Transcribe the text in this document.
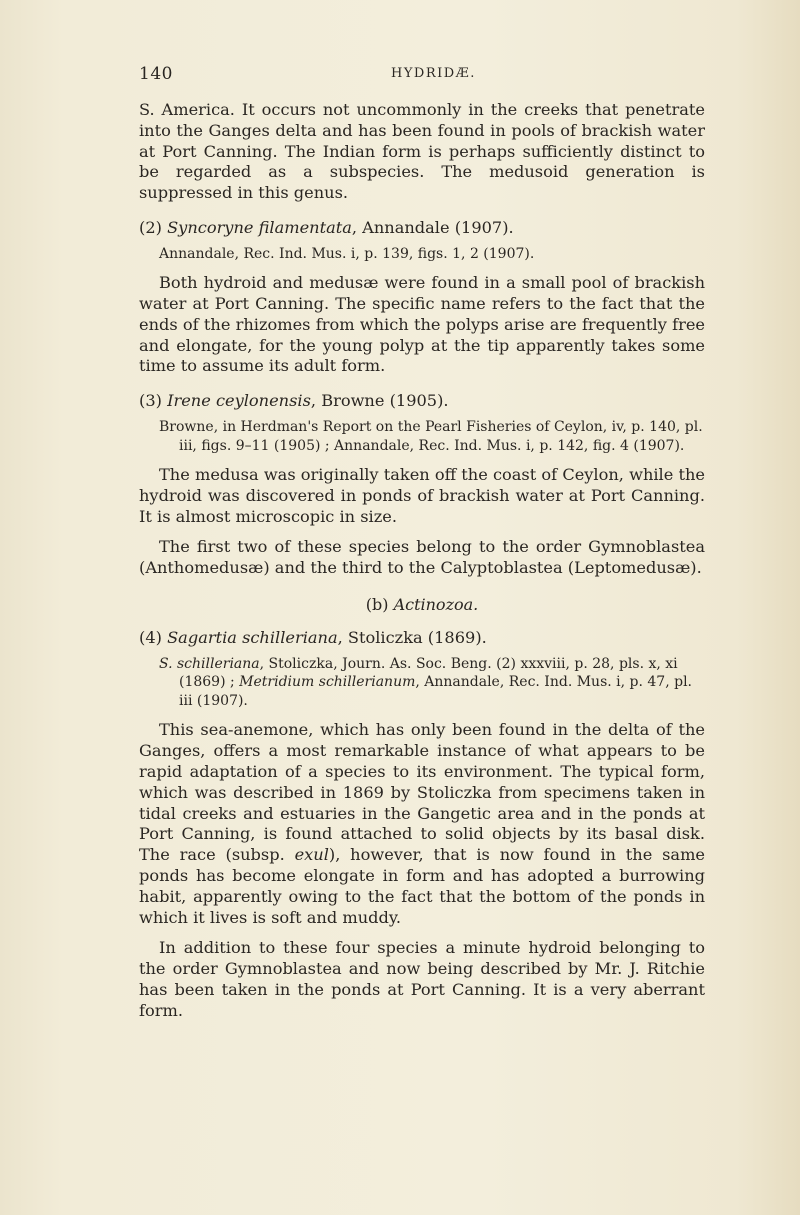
140	HYDRIDÆ.

S. America. It occurs not uncommonly in the creeks that penetrate into the Ganges delta and has been found in pools of brackish water at Port Canning. The Indian form is perhaps sufficiently distinct to be regarded as a subspecies. The medusoid generation is suppressed in this genus.

(2) Syncoryne filamentata, Annandale (1907).
Annandale, Rec. Ind. Mus. i, p. 139, figs. 1, 2 (1907).

Both hydroid and medusæ were found in a small pool of brackish water at Port Canning. The specific name refers to the fact that the ends of the rhizomes from which the polyps arise are frequently free and elongate, for the young polyp at the tip apparently takes some time to assume its adult form.

(3) Irene ceylonensis, Browne (1905).
Browne, in Herdman's Report on the Pearl Fisheries of Ceylon, iv, p. 140, pl. iii, figs. 9–11 (1905) ; Annandale, Rec. Ind. Mus. i, p. 142, fig. 4 (1907).

The medusa was originally taken off the coast of Ceylon, while the hydroid was discovered in ponds of brackish water at Port Canning. It is almost microscopic in size.

The first two of these species belong to the order Gymnoblastea (Anthomedusæ) and the third to the Calyptoblastea (Leptomedusæ).

(b) Actinozoa.
(4) Sagartia schilleriana, Stoliczka (1869).
S. schilleriana, Stoliczka, Journ. As. Soc. Beng. (2) xxxviii, p. 28, pls. x, xi (1869) ; Metridium schillerianum, Annandale, Rec. Ind. Mus. i, p. 47, pl. iii (1907).

This sea-anemone, which has only been found in the delta of the Ganges, offers a most remarkable instance of what appears to be rapid adaptation of a species to its environment. The typical form, which was described in 1869 by Stoliczka from specimens taken in tidal creeks and estuaries in the Gangetic area and in the ponds at Port Canning, is found attached to solid objects by its basal disk. The race (subsp. exul), however, that is now found in the same ponds has become elongate in form and has adopted a burrowing habit, apparently owing to the fact that the bottom of the ponds in which it lives is soft and muddy.

In addition to these four species a minute hydroid belonging to the order Gymnoblastea and now being described by Mr. J. Ritchie has been taken in the ponds at Port Canning. It is a very aberrant form.
